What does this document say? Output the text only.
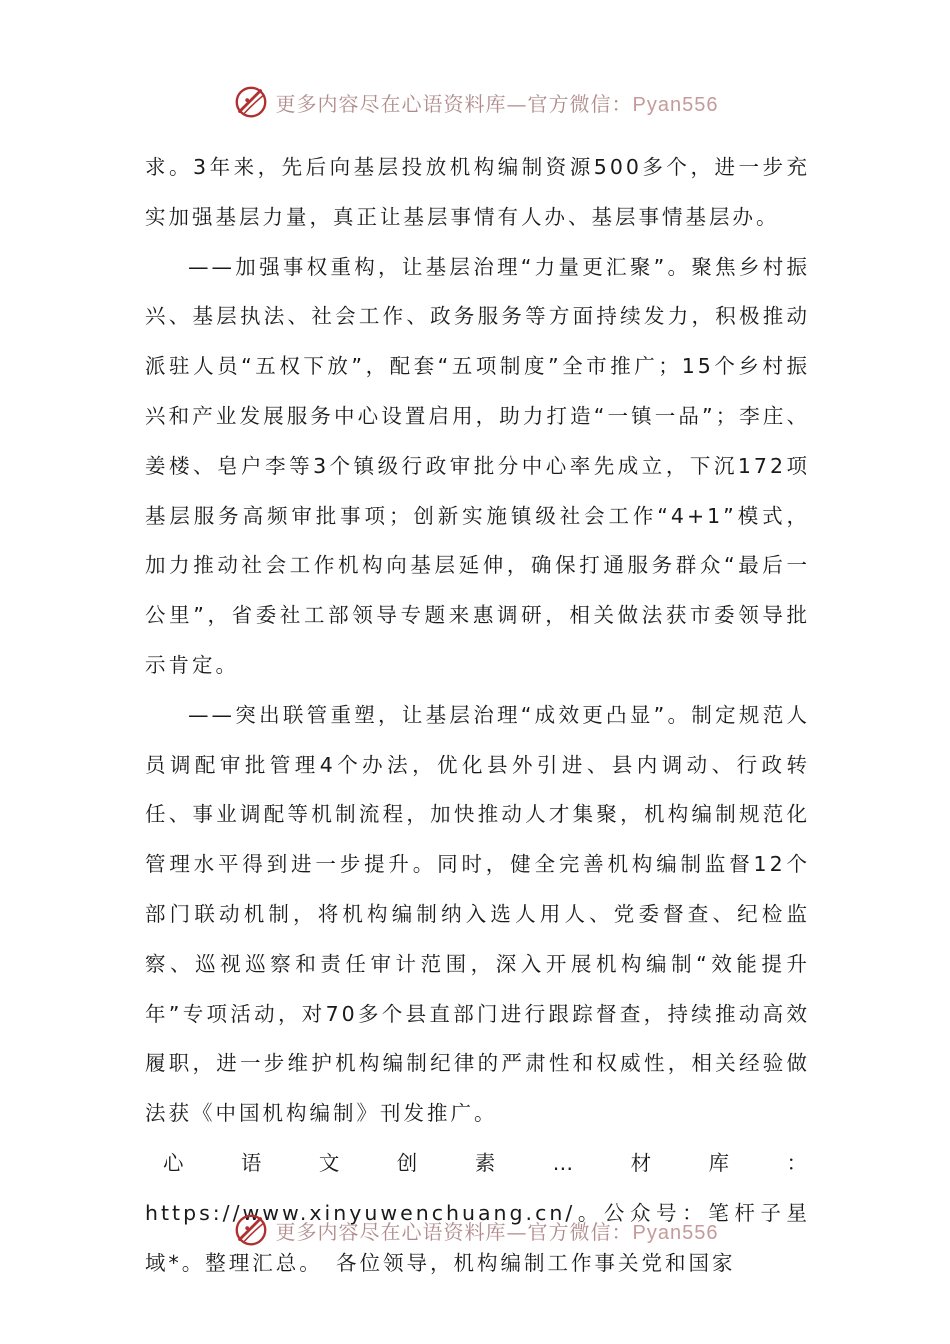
更多内容尽在心语资料库—官方微信：Pyan556

求。3年来，先后向基层投放机构编制资源500多个，进一步充实加强基层力量，真正让基层事情有人办、基层事情基层办。

——加强事权重构，让基层治理“力量更汇聚”。聚焦乡村振兴、基层执法、社会工作、政务服务等方面持续发力，积极推动派驻人员“五权下放”，配套“五项制度”全市推广；15个乡村振兴和产业发展服务中心设置启用，助力打造“一镇一品”；李庄、姜楼、皂户李等3个镇级行政审批分中心率先成立，下沉172项基层服务高频审批事项；创新实施镇级社会工作“4+1”模式，加力推动社会工作机构向基层延伸，确保打通服务群众“最后一公里”，省委社工部领导专题来惠调研，相关做法获市委领导批示肯定。

——突出联管重塑，让基层治理“成效更凸显”。制定规范人员调配审批管理4个办法，优化县外引进、县内调动、行政转任、事业调配等机制流程，加快推动人才集聚，机构编制规范化管理水平得到进一步提升。同时，健全完善机构编制监督12个部门联动机制，将机构编制纳入选人用人、党委督查、纪检监察、巡视巡察和责任审计范围，深入开展机构编制“效能提升年”专项活动，对70多个县直部门进行跟踪督查，持续推动高效履职，进一步维护机构编制纪律的严肃性和权威性，相关经验做法获《中国机构编制》刊发推广。

心语文创素…材库：https://www.xinyuwenchuang.cn/。公众号：笔杆子星域*。整理汇总。　各位领导，机构编制工作事关党和国家

更多内容尽在心语资料库—官方微信：Pyan556
